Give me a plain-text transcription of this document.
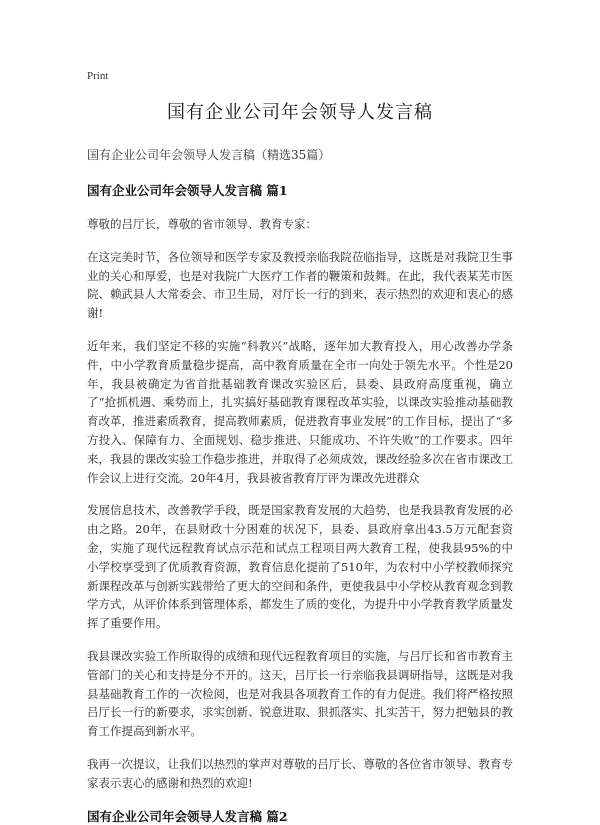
Print
国有企业公司年会领导人发言稿

国有企业公司年会领导人发言稿（精选35篇）

国有企业公司年会领导人发言稿 篇1

尊敬的吕厅长，尊敬的省市领导、教育专家：

在这完美时节，各位领导和医学专家及教授亲临我院莅临指导，这既是对我院卫生事业的关心和厚爱，也是对我院广大医疗工作者的鞭策和鼓舞。在此，我代表某芜市医院、赖武县人大常委会、市卫生局，对厅长一行的到来，表示热烈的欢迎和衷心的感谢!

近年来，我们坚定不移的实施“科教兴”战略，逐年加大教育投入，用心改善办学条件，中小学教育质量稳步提高，高中教育质量在全市一向处于领先水平。个性是20年，我县被确定为省首批基础教育课改实验区后，县委、县政府高度重视，确立了“抢抓机遇、乘势而上，扎实搞好基础教育课程改革实验，以课改实验推动基础教育改革，推进素质教育，提高教师素质，促进教育事业发展”的工作目标，提出了“多方投入、保障有力、全面规划、稳步推进、只能成功、不许失败”的工作要求。四年来，我县的课改实验工作稳步推进，并取得了必须成效，课改经验多次在省市课改工作会议上进行交流。20年4月，我县被省教育厅评为课改先进群众

发展信息技术，改善教学手段，既是国家教育发展的大趋势，也是我县教育发展的必由之路。20年，在县财政十分困难的状况下，县委、县政府拿出43.5万元配套资金，实施了现代远程教育试点示范和试点工程项目两大教育工程，使我县95%的中小学校享受到了优质教育资源，教育信息化提前了510年，为农村中小学校教师探究新课程改革与创新实践带给了更大的空间和条件，更使我县中小学校从教育观念到教学方式，从评价体系到管理体系，都发生了质的变化，为提升中小学教育教学质量发挥了重要作用。

我县课改实验工作所取得的成绩和现代远程教育项目的实施，与吕厅长和省市教育主管部门的关心和支持是分不开的。这天，吕厅长一行亲临我县调研指导，这既是对我县基础教育工作的一次检阅，也是对我县各项教育工作的有力促进。我们将严格按照吕厅长一行的新要求，求实创新、锐意进取、狠抓落实、扎实苦干，努力把勉县的教育工作提高到新水平。

我再一次提议，让我们以热烈的掌声对尊敬的吕厅长、尊敬的各位省市领导、教育专家表示衷心的感谢和热烈的欢迎!

国有企业公司年会领导人发言稿 篇2
